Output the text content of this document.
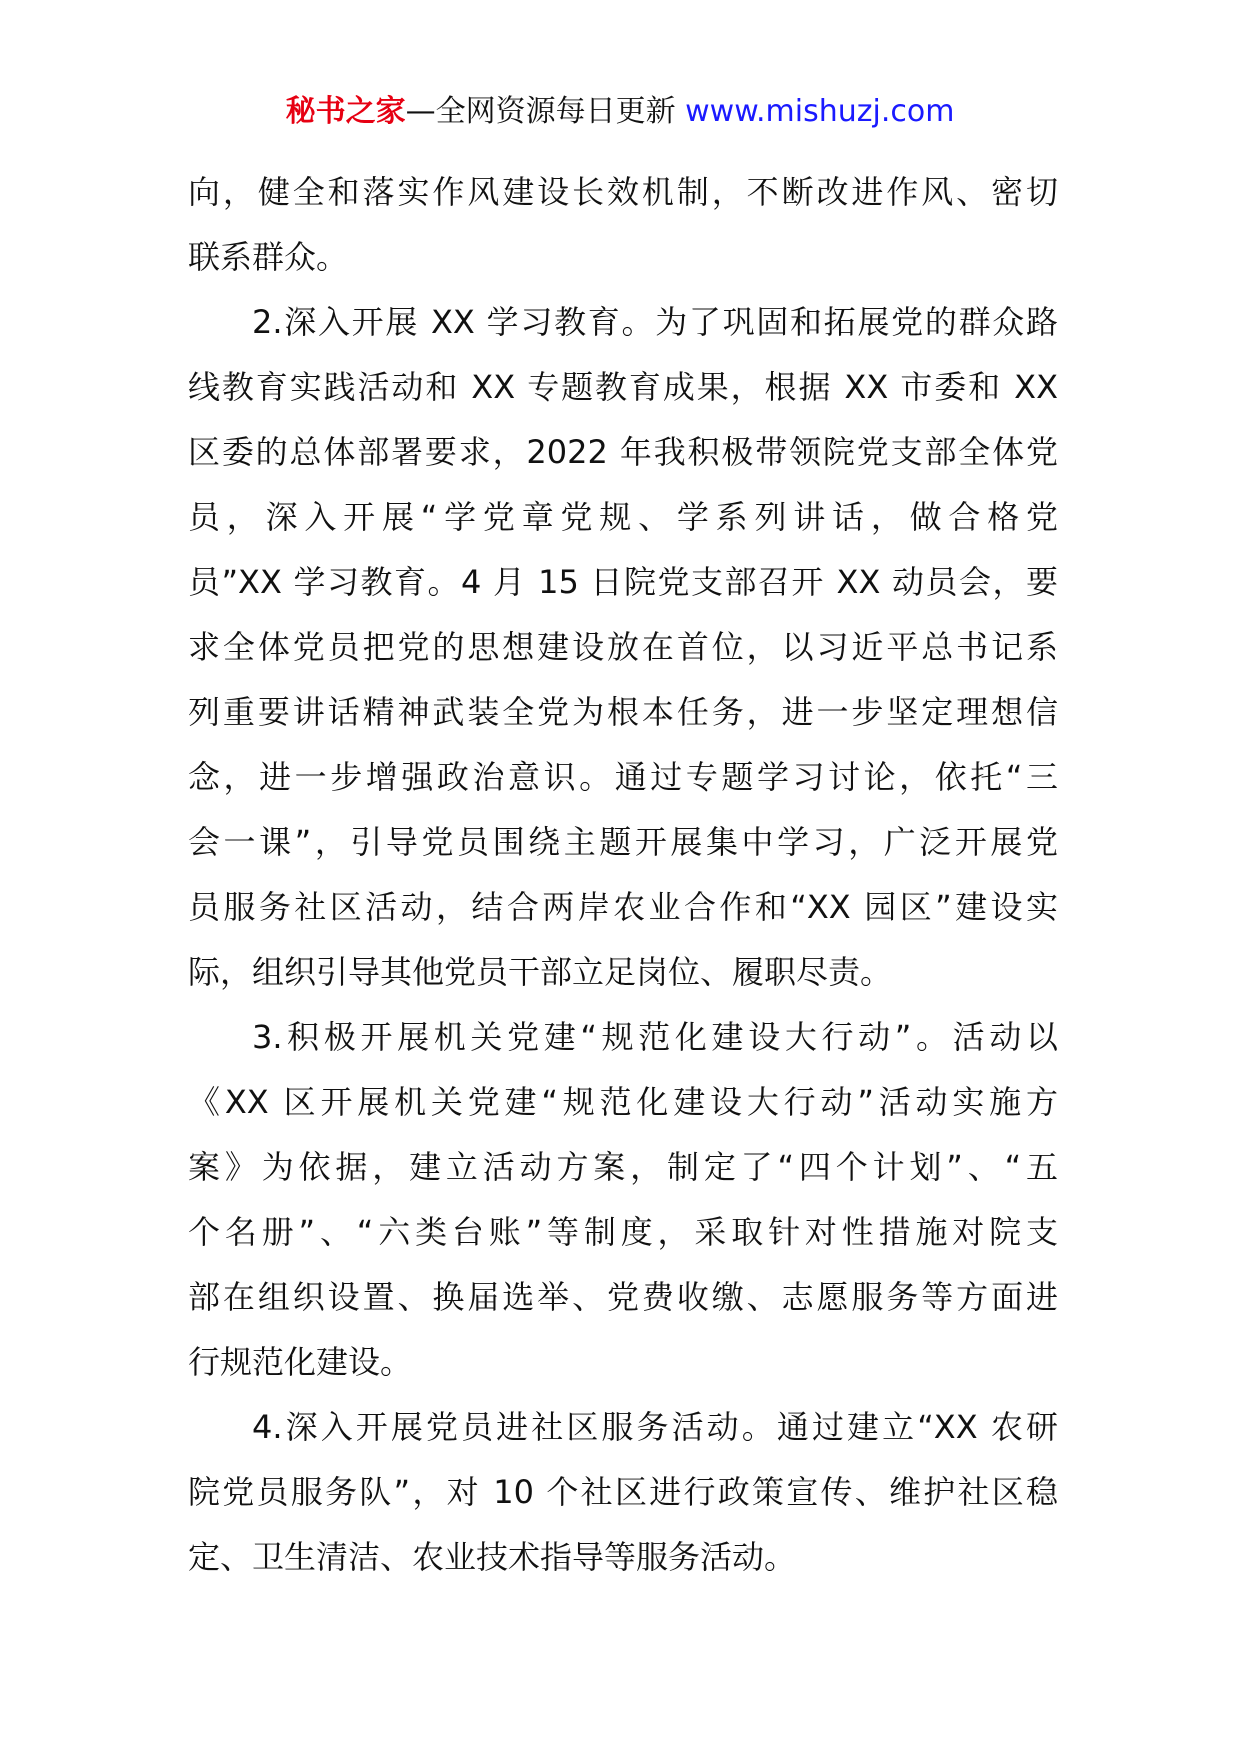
秘书之家—全网资源每日更新 www.mishuzj.com
向，健全和落实作风建设长效机制，不断改进作风、密切
联系群众。
2.深入开展 XX 学习教育。为了巩固和拓展党的群众路
线教育实践活动和 XX 专题教育成果，根据 XX 市委和 XX
区委的总体部署要求，2022 年我积极带领院党支部全体党
员，深入开展“学党章党规、学系列讲话，做合格党
员”XX 学习教育。4 月 15 日院党支部召开 XX 动员会，要
求全体党员把党的思想建设放在首位，以习近平总书记系
列重要讲话精神武装全党为根本任务，进一步坚定理想信
念，进一步增强政治意识。通过专题学习讨论，依托“三
会一课”，引导党员围绕主题开展集中学习，广泛开展党
员服务社区活动，结合两岸农业合作和“XX 园区”建设实
际，组织引导其他党员干部立足岗位、履职尽责。
3.积极开展机关党建“规范化建设大行动”。活动以
《XX 区开展机关党建“规范化建设大行动”活动实施方
案》为依据，建立活动方案，制定了“四个计划”、“五
个名册”、“六类台账”等制度，采取针对性措施对院支
部在组织设置、换届选举、党费收缴、志愿服务等方面进
行规范化建设。
4.深入开展党员进社区服务活动。通过建立“XX 农研
院党员服务队”，对 10 个社区进行政策宣传、维护社区稳
定、卫生清洁、农业技术指导等服务活动。
